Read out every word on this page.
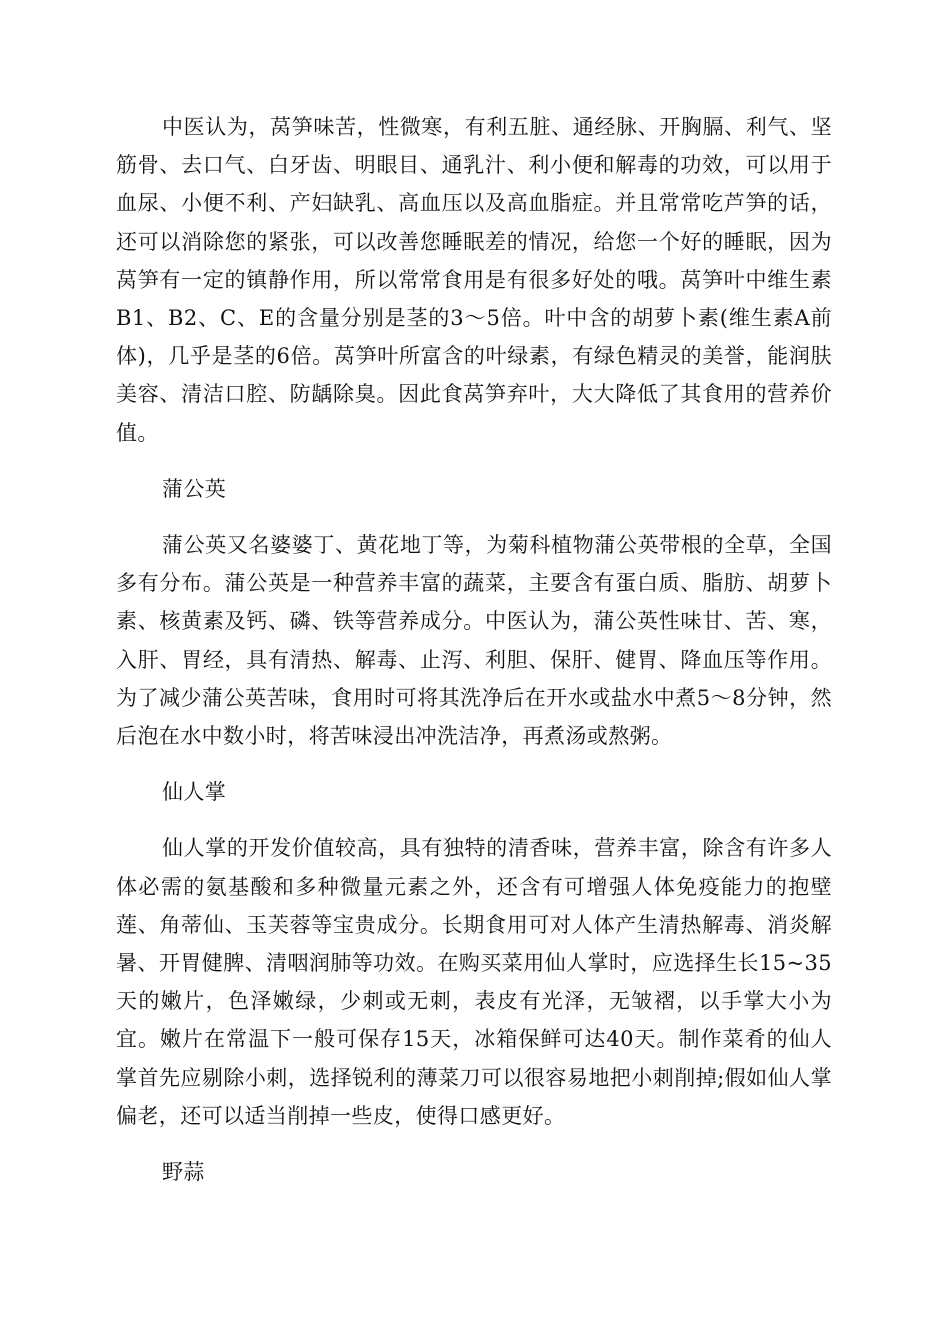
中医认为，莴笋味苦，性微寒，有利五脏、通经脉、开胸膈、利气、坚筋骨、去口气、白牙齿、明眼目、通乳汁、利小便和解毒的功效，可以用于血尿、小便不利、产妇缺乳、高血压以及高血脂症。并且常常吃芦笋的话，还可以消除您的紧张，可以改善您睡眠差的情况，给您一个好的睡眠，因为莴笋有一定的镇静作用，所以常常食用是有很多好处的哦。莴笋叶中维生素B1、B2、C、E的含量分别是茎的3～5倍。叶中含的胡萝卜素(维生素A前体)，几乎是茎的6倍。莴笋叶所富含的叶绿素，有绿色精灵的美誉，能润肤美容、清洁口腔、防龋除臭。因此食莴笋弃叶，大大降低了其食用的营养价值。

蒲公英

蒲公英又名婆婆丁、黄花地丁等，为菊科植物蒲公英带根的全草，全国多有分布。蒲公英是一种营养丰富的蔬菜，主要含有蛋白质、脂肪、胡萝卜素、核黄素及钙、磷、铁等营养成分。中医认为，蒲公英性味甘、苦、寒，入肝、胃经，具有清热、解毒、止泻、利胆、保肝、健胃、降血压等作用。为了减少蒲公英苦味，食用时可将其洗净后在开水或盐水中煮5～8分钟，然后泡在水中数小时，将苦味浸出冲洗洁净，再煮汤或熬粥。

仙人掌

仙人掌的开发价值较高，具有独特的清香味，营养丰富，除含有许多人体必需的氨基酸和多种微量元素之外，还含有可增强人体免疫能力的抱壁莲、角蒂仙、玉芙蓉等宝贵成分。长期食用可对人体产生清热解毒、消炎解暑、开胃健脾、清咽润肺等功效。在购买菜用仙人掌时，应选择生长15~35天的嫩片，色泽嫩绿，少刺或无刺，表皮有光泽，无皱褶，以手掌大小为宜。嫩片在常温下一般可保存15天，冰箱保鲜可达40天。制作菜肴的仙人掌首先应剔除小刺，选择锐利的薄菜刀可以很容易地把小刺削掉;假如仙人掌偏老，还可以适当削掉一些皮，使得口感更好。

野蒜
